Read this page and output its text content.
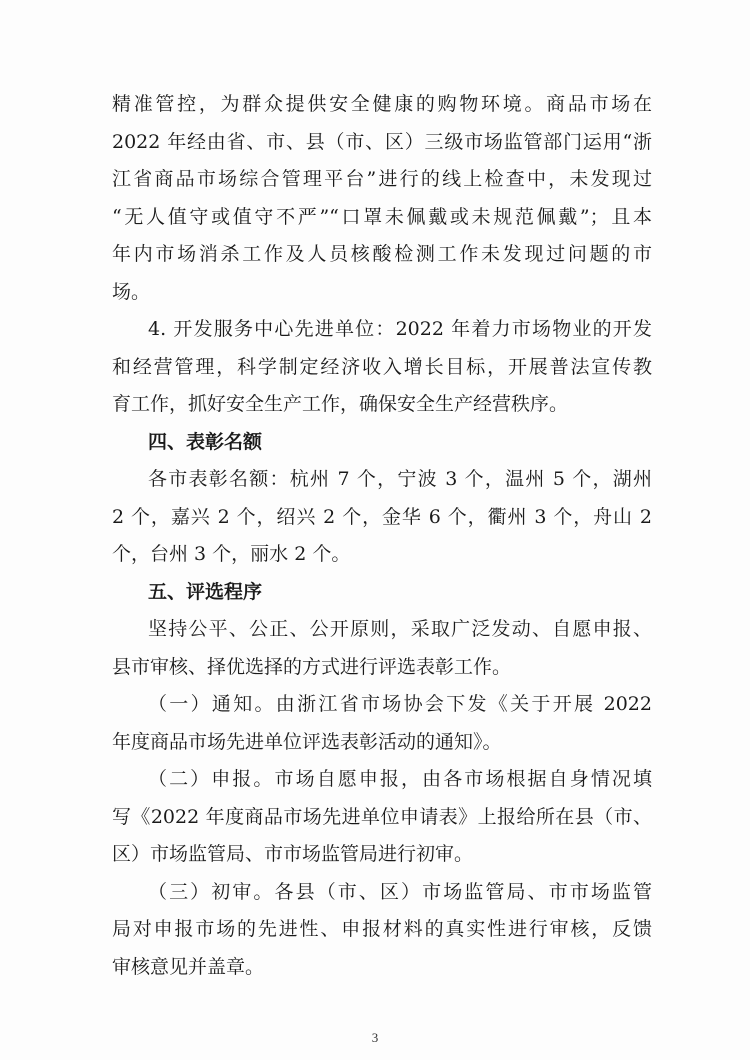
精准管控，为群众提供安全健康的购物环境。商品市场在
2022 年经由省、市、县（市、区）三级市场监管部门运用“浙
江省商品市场综合管理平台”进行的线上检查中，未发现过
“无人值守或值守不严”“口罩未佩戴或未规范佩戴”；且本
年内市场消杀工作及人员核酸检测工作未发现过问题的市
场。
4. 开发服务中心先进单位：2022 年着力市场物业的开发
和经营管理，科学制定经济收入增长目标，开展普法宣传教
育工作，抓好安全生产工作，确保安全生产经营秩序。
四、表彰名额
各市表彰名额：杭州 7 个，宁波 3 个，温州 5 个，湖州
2 个，嘉兴 2 个，绍兴 2 个，金华 6 个，衢州 3 个，舟山 2
个，台州 3 个，丽水 2 个。
五、评选程序
坚持公平、公正、公开原则，采取广泛发动、自愿申报、
县市审核、择优选择的方式进行评选表彰工作。
（一）通知。由浙江省市场协会下发《关于开展 2022
年度商品市场先进单位评选表彰活动的通知》。
（二）申报。市场自愿申报，由各市场根据自身情况填
写《2022 年度商品市场先进单位申请表》上报给所在县（市、
区）市场监管局、市市场监管局进行初审。
（三）初审。各县（市、区）市场监管局、市市场监管
3
局对申报市场的先进性、申报材料的真实性进行审核，反馈
审核意见并盖章。
